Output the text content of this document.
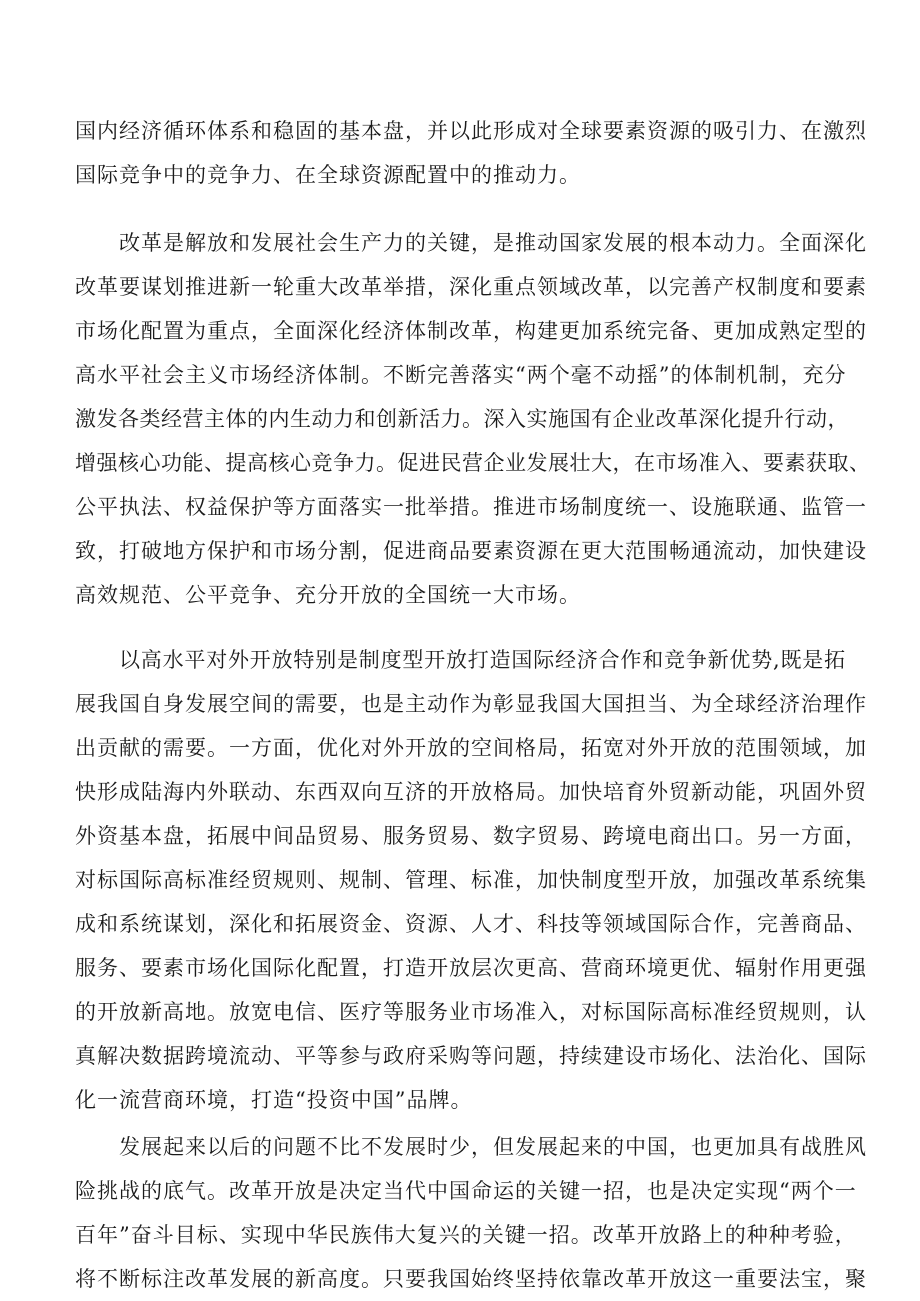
国内经济循环体系和稳固的基本盘，并以此形成对全球要素资源的吸引力、在激烈

国际竞争中的竞争力、在全球资源配置中的推动力。

改革是解放和发展社会生产力的关键，是推动国家发展的根本动力。全面深化

改革要谋划推进新一轮重大改革举措，深化重点领域改革，以完善产权制度和要素

市场化配置为重点，全面深化经济体制改革，构建更加系统完备、更加成熟定型的

高水平社会主义市场经济体制。不断完善落实“两个毫不动摇”的体制机制，充分

激发各类经营主体的内生动力和创新活力。深入实施国有企业改革深化提升行动，

增强核心功能、提高核心竞争力。促进民营企业发展壮大，在市场准入、要素获取、

公平执法、权益保护等方面落实一批举措。推进市场制度统一、设施联通、监管一

致，打破地方保护和市场分割，促进商品要素资源在更大范围畅通流动，加快建设

高效规范、公平竞争、充分开放的全国统一大市场。

以高水平对外开放特别是制度型开放打造国际经济合作和竞争新优势,既是拓

展我国自身发展空间的需要，也是主动作为彰显我国大国担当、为全球经济治理作

出贡献的需要。一方面，优化对外开放的空间格局，拓宽对外开放的范围领域，加

快形成陆海内外联动、东西双向互济的开放格局。加快培育外贸新动能，巩固外贸

外资基本盘，拓展中间品贸易、服务贸易、数字贸易、跨境电商出口。另一方面，

对标国际高标准经贸规则、规制、管理、标准，加快制度型开放，加强改革系统集

成和系统谋划，深化和拓展资金、资源、人才、科技等领域国际合作，完善商品、

服务、要素市场化国际化配置，打造开放层次更高、营商环境更优、辐射作用更强

的开放新高地。放宽电信、医疗等服务业市场准入，对标国际高标准经贸规则，认

真解决数据跨境流动、平等参与政府采购等问题，持续建设市场化、法治化、国际

化一流营商环境，打造“投资中国”品牌。

发展起来以后的问题不比不发展时少，但发展起来的中国，也更加具有战胜风

险挑战的底气。改革开放是决定当代中国命运的关键一招，也是决定实现“两个一

百年”奋斗目标、实现中华民族伟大复兴的关键一招。改革开放路上的种种考验，

将不断标注改革发展的新高度。只要我国始终坚持依靠改革开放这一重要法宝，聚
